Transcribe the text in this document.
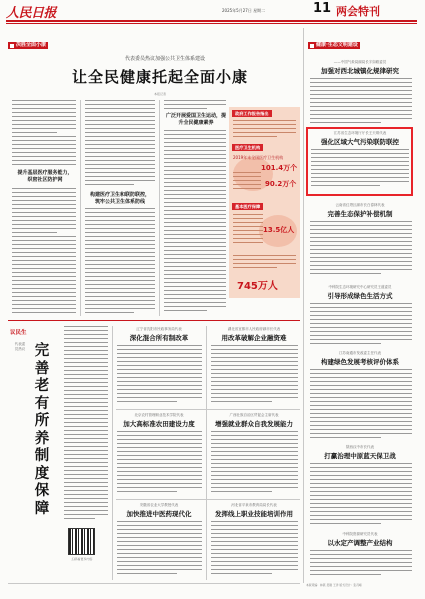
人民日报	2025年5月27日 星期二	11 两会特刊
决胜全面小康
代表委员热议加强公共卫生体系建设
让全民健康托起全面小康
本报记者
提升基层医疗服务能力，织密社区防护网
构建医疗卫生和联防联控，筑牢公共卫生体系防线
广泛开展爱国卫生运动，提升全民健康素养
政府工作报告指出
医疗卫生机构
2019年末全国医疗卫生机构
101.4万个
90.2万个
基本医疗保障
13.5亿人
745万人
健康·生态文明建设
——中国气象局副局长宇如聪委员
加强对西北城镇化规律研究
江苏省生态环境厅厅长王天琪代表
强化区域大气污染联防联控
云南省红塔区副市长白春林代表
完善生态保护补偿机制
中科院生态环境研究中心研究员王道委员
引导形成绿色生活方式
江苏南通市发改委主任代表
构建绿色发展考核评价体系
陕西汉中市长代表
打赢治理中原蓝天保卫战
中科院资源研究员代表
以水定产调整产业结构
本版责编：林燕 吴刚 王洋 版式设计：张丹峰
议民生
代表委员热议 完善老有所养制度保障
扫码看更多内容
辽宁省沈阳市民政事务局代表
深化混合所有制改革
湖北省宜都市人民政府副市长代表
用改革破解企业融资难
北京农村管理职业技术学院代表
加大高标准农田建设力度
广西壮族自治区贸促会主席代表
增强就业群众自我发展能力
安徽省农业大学教授代表
加快推进中医药现代化
河北省平泉市教育局局长代表
发挥线上职业技能培训作用
